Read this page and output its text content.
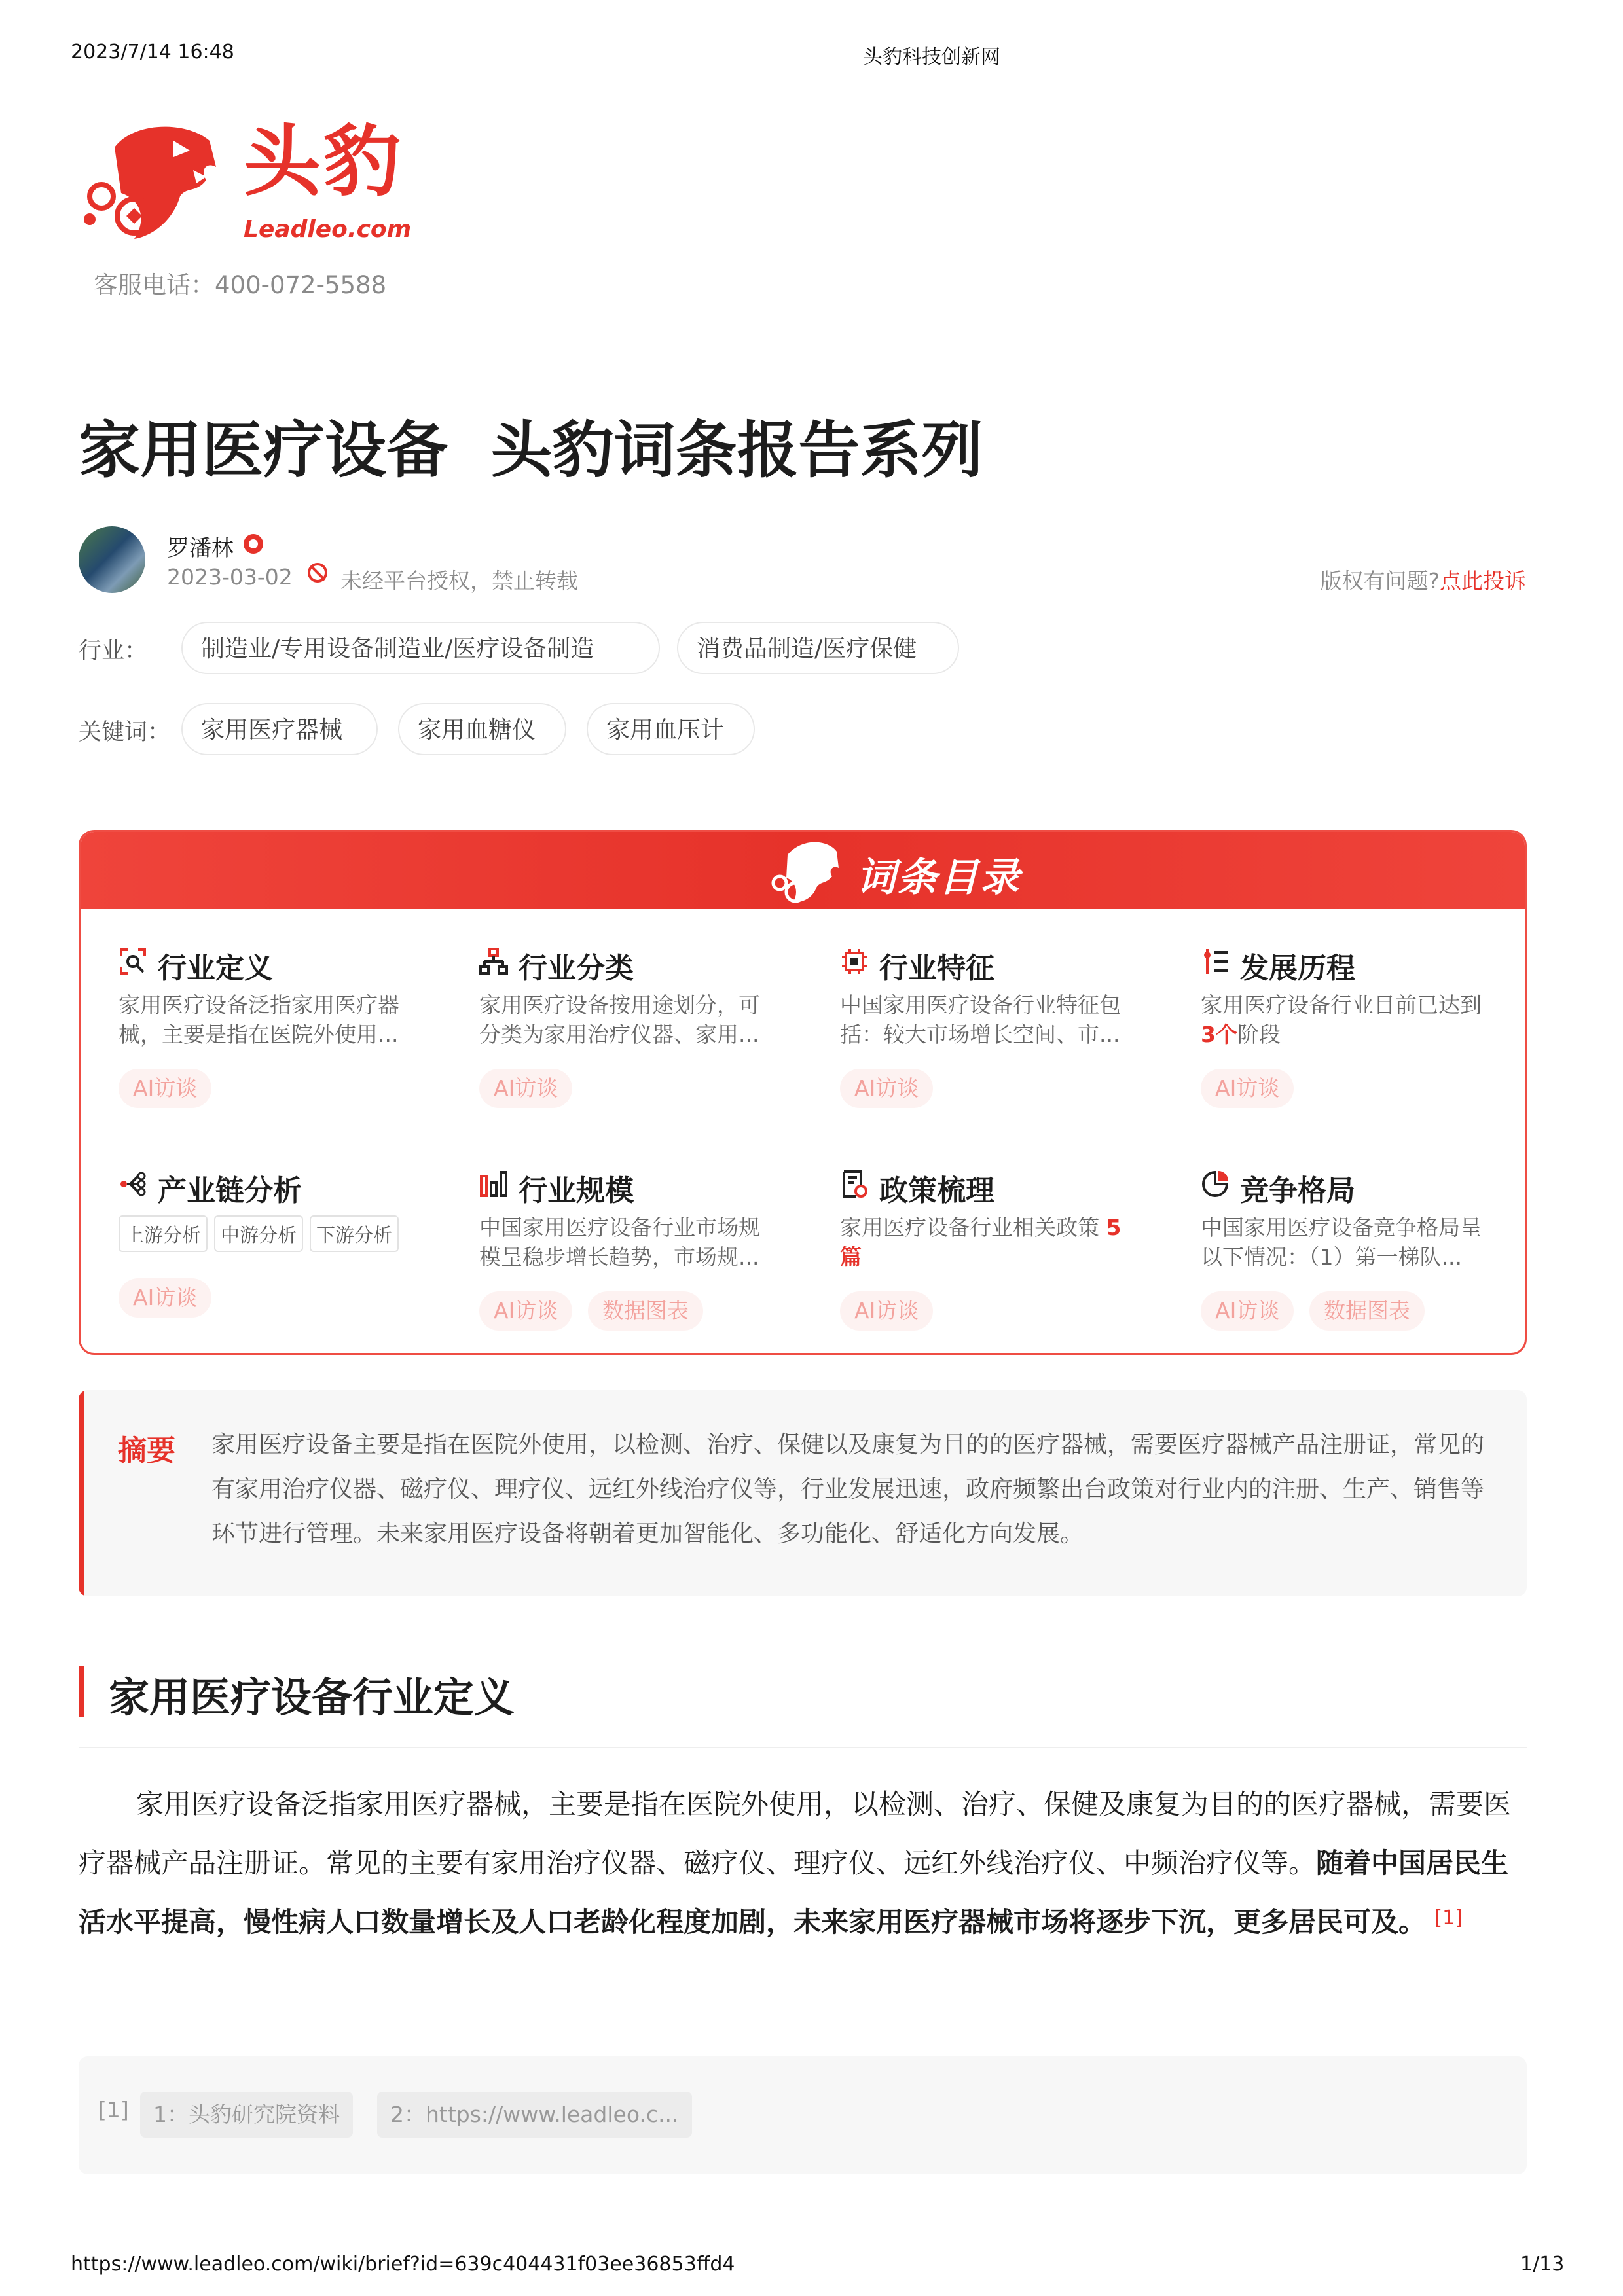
2023/7/14 16:48	头豹科技创新网
头豹
Leadleo.com
客服电话：400-072-5588
家用医疗设备  头豹词条报告系列
罗潘林
2023-03-02 未经平台授权，禁止转载	版权有问题?点此投诉
行业：	制造业/专用设备制造业/医疗设备制造	消费品制造/医疗保健
关键词：	家用医疗器械	家用血糖仪	家用血压计
词条目录
行业定义
家用医疗设备泛指家用医疗器械，主要是指在医院外使用...
AI访谈
行业分类
家用医疗设备按用途划分，可分类为家用治疗仪器、家用...
AI访谈
行业特征
中国家用医疗设备行业特征包括：较大市场增长空间、市...
AI访谈
发展历程
家用医疗设备行业目前已达到 3个阶段
AI访谈
产业链分析
上游分析	中游分析	下游分析
AI访谈
行业规模
中国家用医疗设备行业市场规模呈稳步增长趋势，市场规...
AI访谈	数据图表
政策梳理
家用医疗设备行业相关政策 5篇
AI访谈
竞争格局
中国家用医疗设备竞争格局呈以下情况：（1）第一梯队...
AI访谈	数据图表
摘要 家用医疗设备主要是指在医院外使用，以检测、治疗、保健以及康复为目的的医疗器械，需要医疗器械产品注册证，常见的有家用治疗仪器、磁疗仪、理疗仪、远红外线治疗仪等，行业发展迅速，政府频繁出台政策对行业内的注册、生产、销售等环节进行管理。未来家用医疗设备将朝着更加智能化、多功能化、舒适化方向发展。
家用医疗设备行业定义
家用医疗设备泛指家用医疗器械，主要是指在医院外使用，以检测、治疗、保健及康复为目的的医疗器械，需要医疗器械产品注册证。常见的主要有家用治疗仪器、磁疗仪、理疗仪、远红外线治疗仪、中频治疗仪等。随着中国居民生活水平提高，慢性病人口数量增长及人口老龄化程度加剧，未来家用医疗器械市场将逐步下沉，更多居民可及。 [1]
[1]	1：头豹研究院资料	2：https://www.leadleo.c...
https://www.leadleo.com/wiki/brief?id=639c404431f03ee36853ffd4	1/13
